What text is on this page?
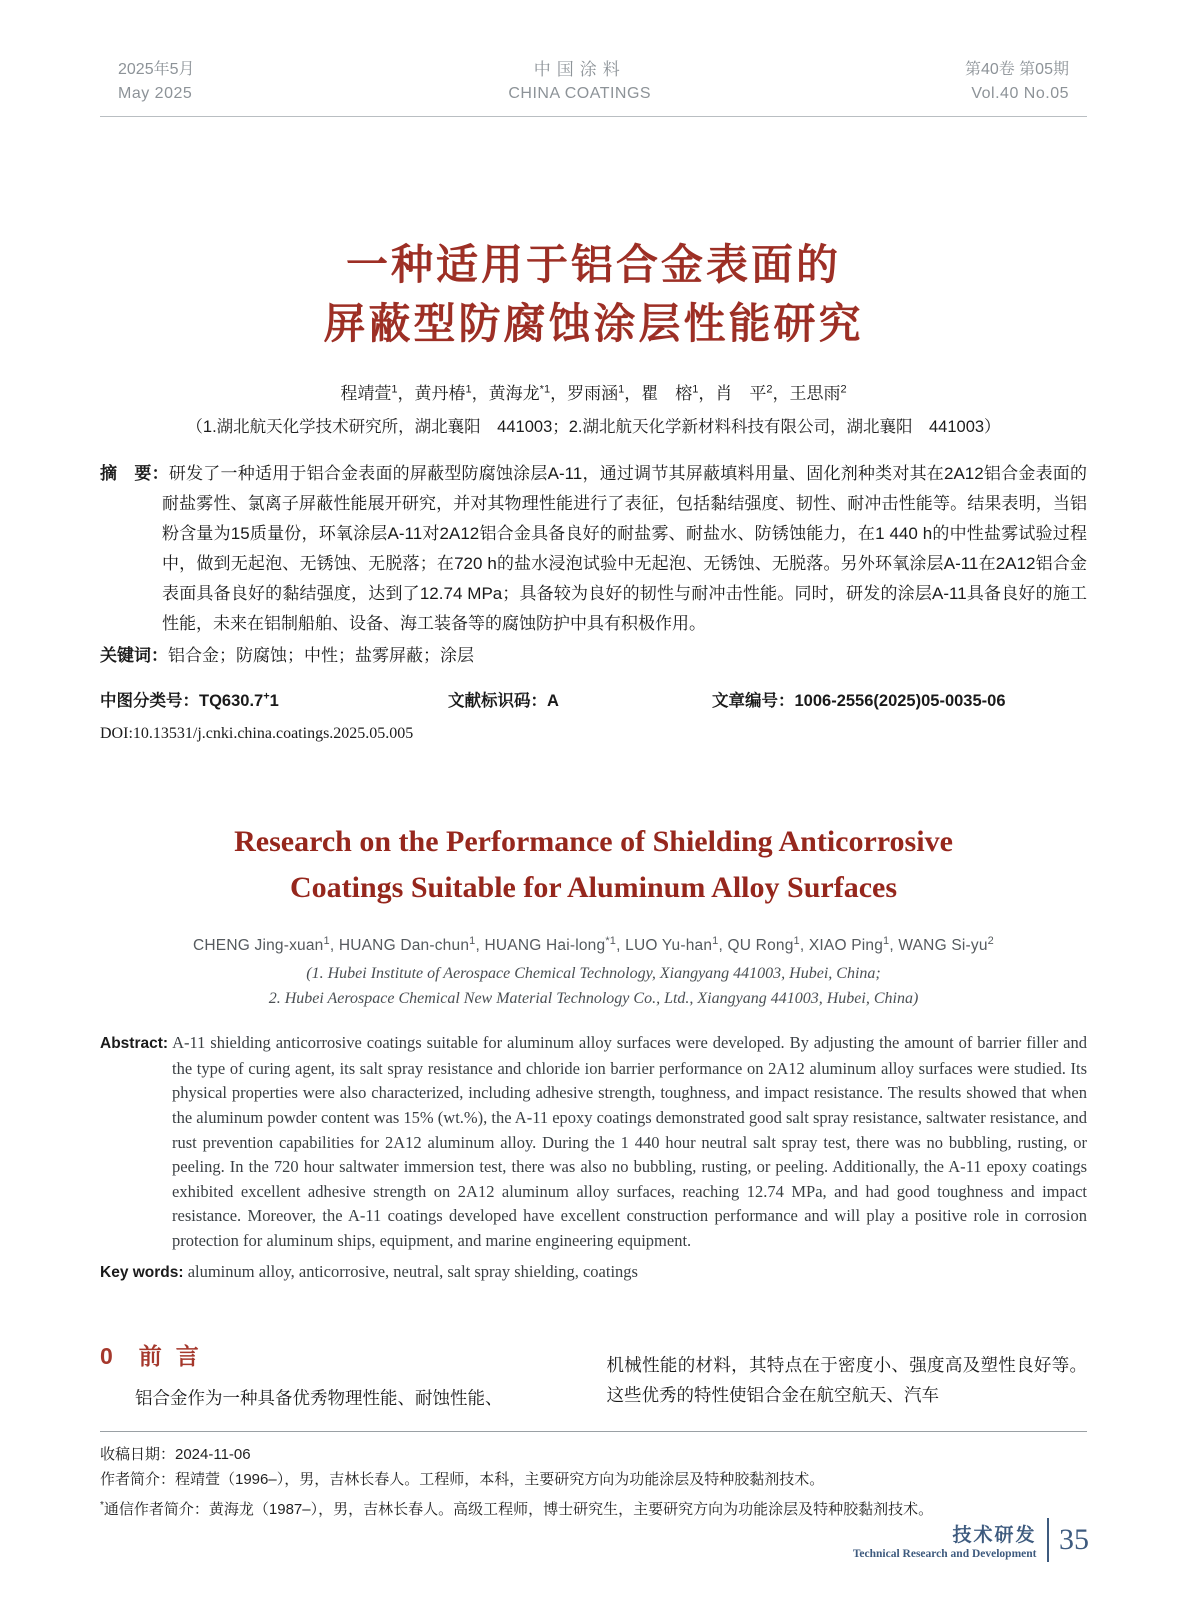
2025年5月
May 2025
中国涂料
CHINA COATINGS
第40卷 第05期
Vol.40 No.05
一种适用于铝合金表面的
屏蔽型防腐蚀涂层性能研究

程靖萱$^1$，黄丹椿$^1$，黄海龙$^{*1}$，罗雨涵$^1$，瞿　榕$^1$，肖　平$^2$，王思雨$^2$

（1.湖北航天化学技术研究所，湖北襄阳　441003；2.湖北航天化学新材料科技有限公司，湖北襄阳　441003）

摘　要：研发了一种适用于铝合金表面的屏蔽型防腐蚀涂层A-11，通过调节其屏蔽填料用量、固化剂种类对其在2A12铝合金表面的耐盐雾性、氯离子屏蔽性能展开研究，并对其物理性能进行了表征，包括黏结强度、韧性、耐冲击性能等。结果表明，当铝粉含量为15质量份，环氧涂层A-11对2A12铝合金具备良好的耐盐雾、耐盐水、防锈蚀能力，在1 440 h的中性盐雾试验过程中，做到无起泡、无锈蚀、无脱落；在720 h的盐水浸泡试验中无起泡、无锈蚀、无脱落。另外环氧涂层A-11在2A12铝合金表面具备良好的黏结强度，达到了12.74 MPa；具备较为良好的韧性与耐冲击性能。同时，研发的涂层A-11具备良好的施工性能，未来在铝制船舶、设备、海工装备等的腐蚀防护中具有积极作用。

关键词：铝合金；防腐蚀；中性；盐雾屏蔽；涂层

中图分类号：TQ630.7+1	文献标识码：A	文章编号：1006-2556(2025)05-0035-06

DOI:10.13531/j.cnki.china.coatings.2025.05.005

Research on the Performance of Shielding Anticorrosive
Coatings Suitable for Aluminum Alloy Surfaces

CHENG Jing-xuan$^1$, HUANG Dan-chun$^1$, HUANG Hai-long$^{*1}$, LUO Yu-han$^1$, QU Rong$^1$, XIAO Ping$^1$, WANG $Si-yu^2$

(1. Hubei Institute of Aerospace Chemical Technology, Xiangyang 441003, Hubei, China;
2. Hubei Aerospace Chemical New Material Technology Co., Ltd., Xiangyang 441003, Hubei, China)

Abstract: A-11 shielding anticorrosive coatings suitable for aluminum alloy surfaces were developed. By adjusting the amount of barrier filler and the type of curing agent, its salt spray resistance and chloride ion barrier performance on 2A12 aluminum alloy surfaces were studied. Its physical properties were also characterized, including adhesive strength, toughness, and impact resistance. The results showed that when the aluminum powder content was 15% (wt.%), the A-11 epoxy coatings demonstrated good salt spray resistance, saltwater resistance, and rust prevention capabilities for 2A12 aluminum alloy. During the 1 440 hour neutral salt spray test, there was no bubbling, rusting, or peeling. In the 720 hour saltwater immersion test, there was also no bubbling, rusting, or peeling. Additionally, the A-11 epoxy coatings exhibited excellent adhesive strength on 2A12 aluminum alloy surfaces, reaching 12.74 MPa, and had good toughness and impact resistance. Moreover, the A-11 coatings developed have excellent construction performance and will play a positive role in corrosion protection for aluminum ships, equipment, and marine engineering equipment.

Key words: aluminum alloy, anticorrosive, neutral, salt spray shielding, coatings

0 前言

铝合金作为一种具备优秀物理性能、耐蚀性能、

机械性能的材料，其特点在于密度小、强度高及塑性良好等。这些优秀的特性使铝合金在航空航天、汽车

收稿日期：2024-11-06

作者简介：程靖萱（1996–），男，吉林长春人。工程师，本科，主要研究方向为功能涂层及特种胶黏剂技术。

*通信作者简介：黄海龙（1987–），男，吉林长春人。高级工程师，博士研究生，主要研究方向为功能涂层及特种胶黏剂技术。

技术研发
Technical Research and Development 35
